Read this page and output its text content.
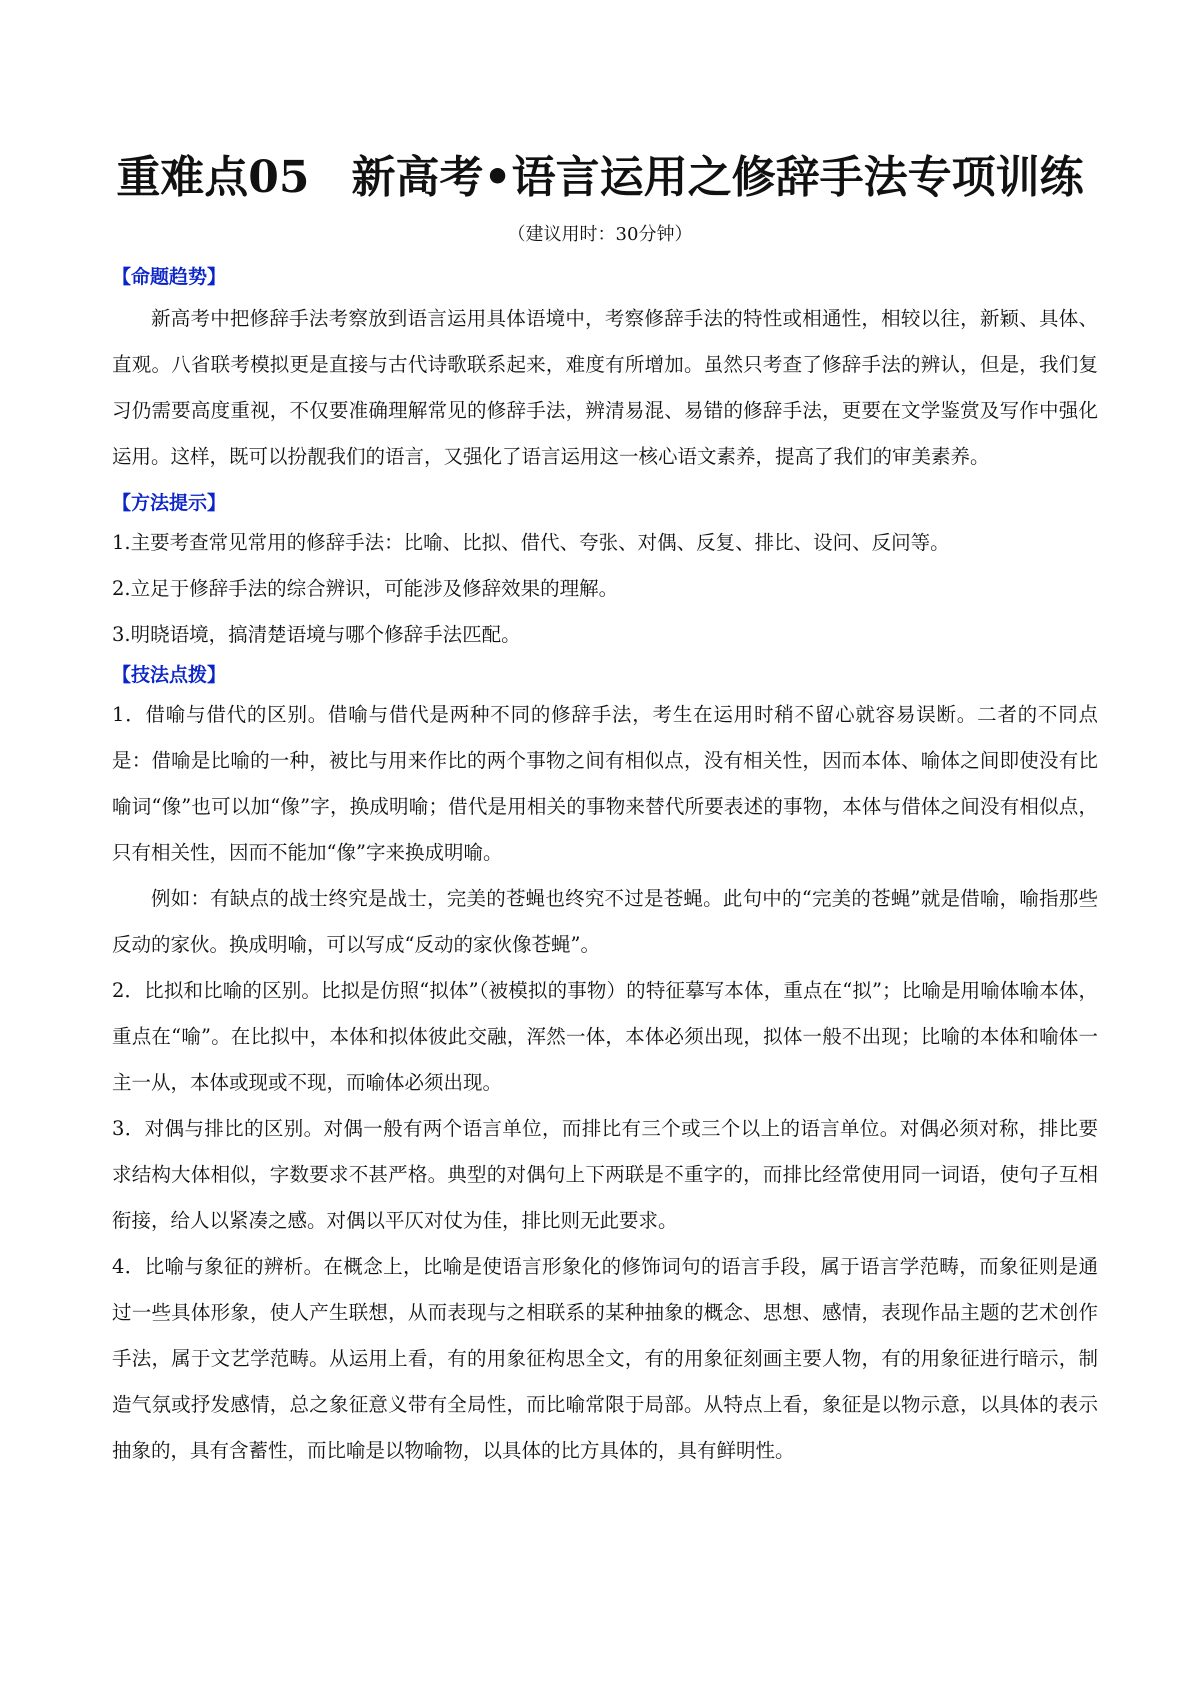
重难点05 新高考•语言运用之修辞手法专项训练
（建议用时：30分钟）

【命题趋势】

新高考中把修辞手法考察放到语言运用具体语境中，考察修辞手法的特性或相通性，相较以往，新颖、具体、直观。八省联考模拟更是直接与古代诗歌联系起来，难度有所增加。虽然只考查了修辞手法的辨认，但是，我们复习仍需要高度重视，不仅要准确理解常见的修辞手法，辨清易混、易错的修辞手法，更要在文学鉴赏及写作中强化运用。这样，既可以扮靓我们的语言，又强化了语言运用这一核心语文素养，提高了我们的审美素养。

【方法提示】

1.主要考查常见常用的修辞手法：比喻、比拟、借代、夸张、对偶、反复、排比、设问、反问等。

2.立足于修辞手法的综合辨识，可能涉及修辞效果的理解。

3.明晓语境，搞清楚语境与哪个修辞手法匹配。

【技法点拨】

1．借喻与借代的区别。借喻与借代是两种不同的修辞手法，考生在运用时稍不留心就容易误断。二者的不同点是：借喻是比喻的一种，被比与用来作比的两个事物之间有相似点，没有相关性，因而本体、喻体之间即使没有比喻词“像”也可以加“像”字，换成明喻；借代是用相关的事物来替代所要表述的事物，本体与借体之间没有相似点，只有相关性，因而不能加“像”字来换成明喻。

例如：有缺点的战士终究是战士，完美的苍蝇也终究不过是苍蝇。此句中的“完美的苍蝇”就是借喻，喻指那些反动的家伙。换成明喻，可以写成“反动的家伙像苍蝇”。

2．比拟和比喻的区别。比拟是仿照“拟体”（被模拟的事物）的特征摹写本体，重点在“拟”；比喻是用喻体喻本体，重点在“喻”。在比拟中，本体和拟体彼此交融，浑然一体，本体必须出现，拟体一般不出现；比喻的本体和喻体一主一从，本体或现或不现，而喻体必须出现。

3．对偶与排比的区别。对偶一般有两个语言单位，而排比有三个或三个以上的语言单位。对偶必须对称，排比要求结构大体相似，字数要求不甚严格。典型的对偶句上下两联是不重字的，而排比经常使用同一词语，使句子互相衔接，给人以紧凑之感。对偶以平仄对仗为佳，排比则无此要求。

4．比喻与象征的辨析。在概念上，比喻是使语言形象化的修饰词句的语言手段，属于语言学范畴，而象征则是通过一些具体形象，使人产生联想，从而表现与之相联系的某种抽象的概念、思想、感情，表现作品主题的艺术创作手法，属于文艺学范畴。从运用上看，有的用象征构思全文，有的用象征刻画主要人物，有的用象征进行暗示，制造气氛或抒发感情，总之象征意义带有全局性，而比喻常限于局部。从特点上看，象征是以物示意，以具体的表示抽象的，具有含蓄性，而比喻是以物喻物，以具体的比方具体的，具有鲜明性。
